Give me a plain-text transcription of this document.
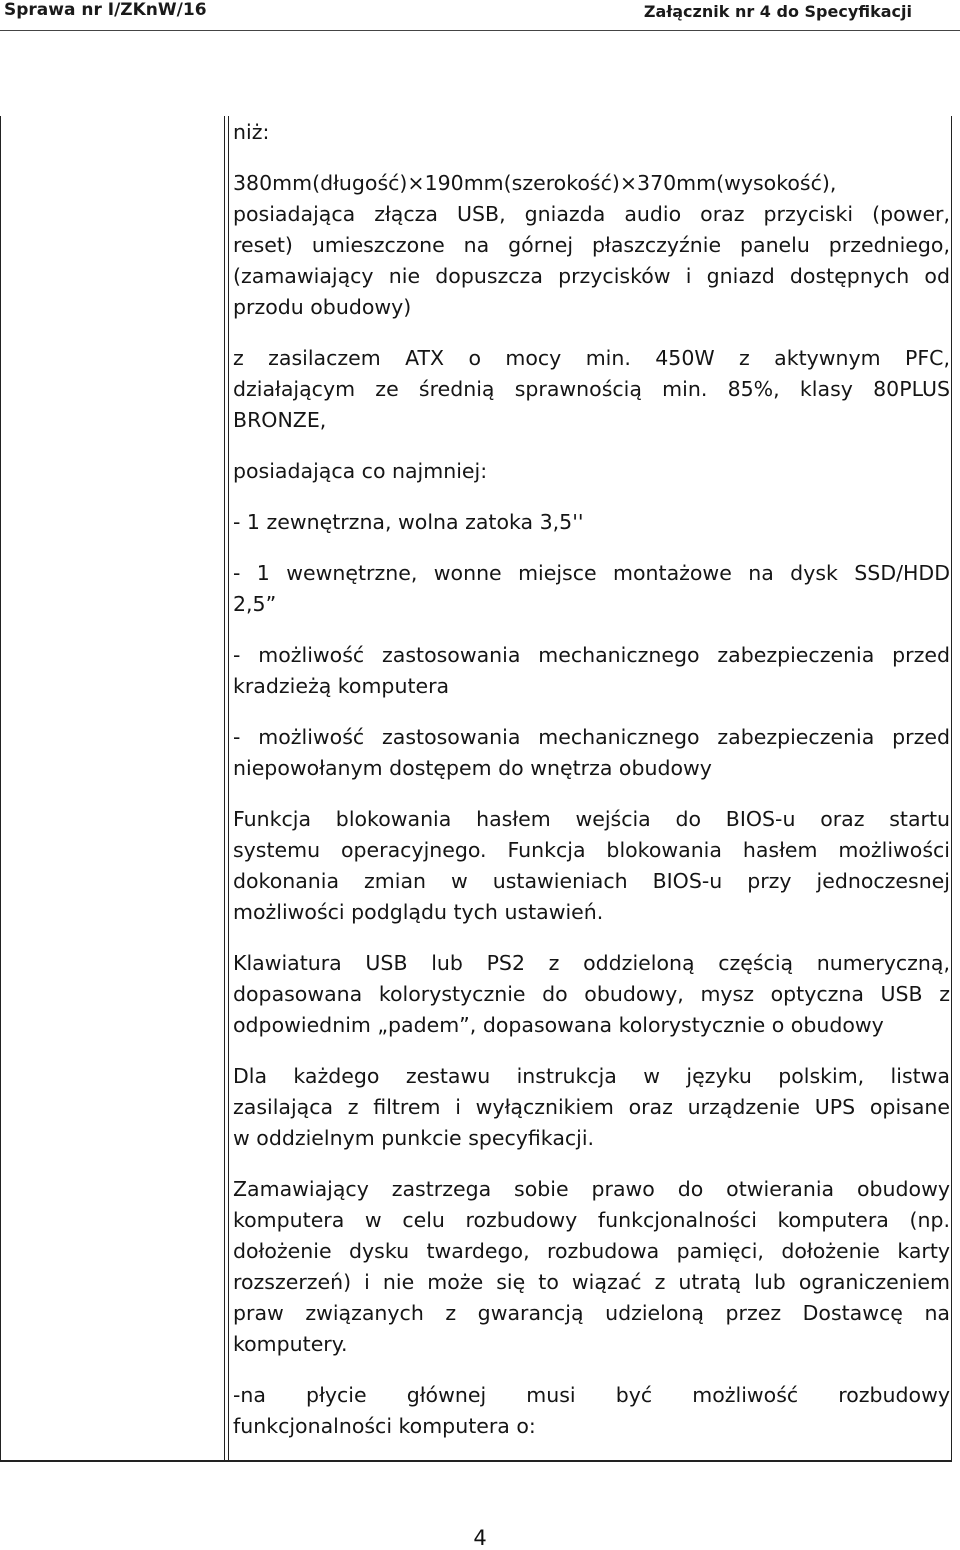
Sprawa nr I/ZKnW/16	Załącznik nr 4 do Specyfikacji

niż:

380mm(długość)×190mm(szerokość)×370mm(wysokość),
posiadająca złącza USB, gniazda audio oraz przyciski (power,
reset) umieszczone na górnej płaszczyźnie panelu przedniego,
(zamawiający nie dopuszcza przycisków i gniazd dostępnych od
przodu obudowy)

z zasilaczem ATX o mocy min. 450W z aktywnym PFC,
działającym ze średnią sprawnością min. 85%, klasy 80PLUS
BRONZE,

posiadająca co najmniej:

- 1 zewnętrzna, wolna zatoka 3,5''

- 1 wewnętrzne, wonne miejsce montażowe na dysk SSD/HDD
2,5”

- możliwość zastosowania mechanicznego zabezpieczenia przed
kradzieżą komputera

- możliwość zastosowania mechanicznego zabezpieczenia przed
niepowołanym dostępem do wnętrza obudowy

Funkcja blokowania hasłem wejścia do BIOS-u oraz startu
systemu operacyjnego. Funkcja blokowania hasłem możliwości
dokonania zmian w ustawieniach BIOS-u przy jednoczesnej
możliwości podglądu tych ustawień.

Klawiatura USB lub PS2 z oddzieloną częścią numeryczną,
dopasowana kolorystycznie do obudowy, mysz optyczna USB z
odpowiednim „padem”, dopasowana kolorystycznie o obudowy

Dla każdego zestawu instrukcja w języku polskim, listwa
zasilająca z filtrem i wyłącznikiem oraz urządzenie UPS opisane
w oddzielnym punkcie specyfikacji.

Zamawiający zastrzega sobie prawo do otwierania obudowy
komputera w celu rozbudowy funkcjonalności komputera (np.
dołożenie dysku twardego, rozbudowa pamięci, dołożenie karty
rozszerzeń) i nie może się to wiązać z utratą lub ograniczeniem
praw związanych z gwarancją udzieloną przez Dostawcę na
komputery.

-na płycie głównej musi być możliwość rozbudowy
funkcjonalności komputera o:

4
